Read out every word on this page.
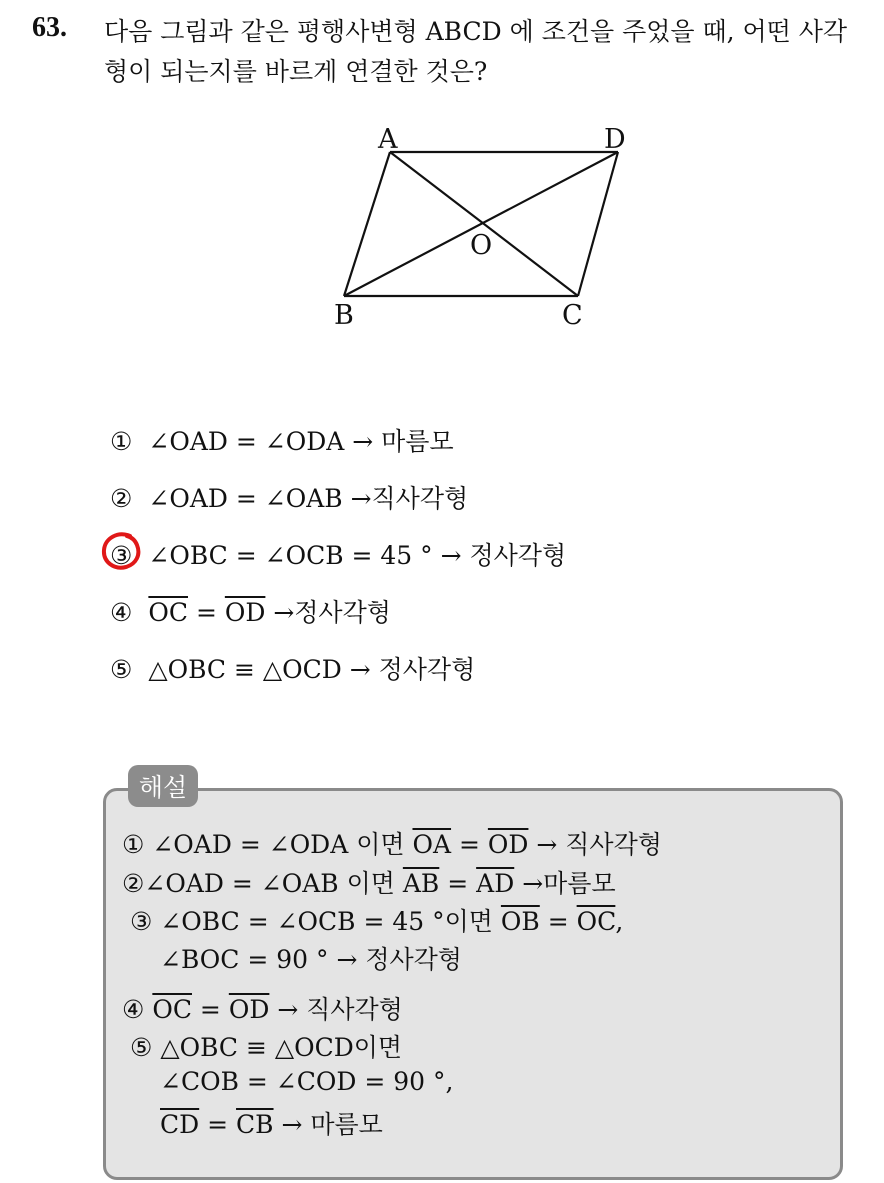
63. 다음 그림과 같은 평행사변형 ABCD 에 조건을 주었을 때, 어떤 사각
형이 되는지를 바르게 연결한 것은?
A	D
O
B	C
① ∠OAD = ∠ODA → 마름모
② ∠OAD = ∠OAB →직사각형
③ ∠OBC = ∠OCB = 45 ° → 정사각형
④ $\overline{OC} = \overline{OD}$ →정사각형
⑤ △OBC ≡ △OCD → 정사각형
해설
① ∠OAD = ∠ODA 이면 $\overline{OA} = \overline{OD}$ → 직사각형
②∠OAD = ∠OAB 이면 $\overline{AB} = \overline{AD}$ →마름모
③ ∠OBC = ∠OCB = 45 °이면 $\overline{OB} = \overline{OC}$,
∠BOC = 90 ° → 정사각형
④ $\overline{OC} = \overline{OD}$ → 직사각형
⑤ △OBC ≡ △OCD이면
∠COB = ∠COD = 90 °,
$\overline{CD} = \overline{CB}$ → 마름모
